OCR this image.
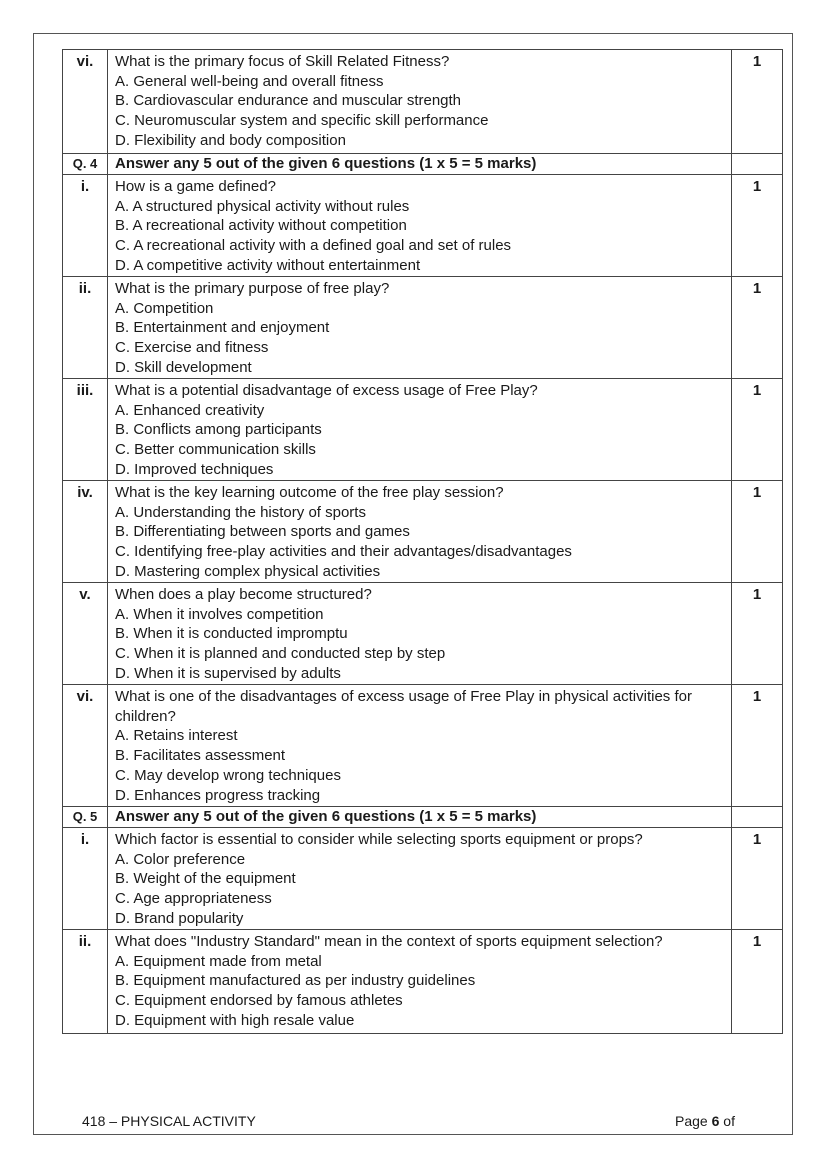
vi.	What is the primary focus of Skill Related Fitness?
A. General well-being and overall fitness
B. Cardiovascular endurance and muscular strength
C. Neuromuscular system and specific skill performance
D. Flexibility and body composition	1
Q. 4	Answer any 5 out of the given 6 questions (1 x 5 = 5 marks)	
i.	How is a game defined?
A. A structured physical activity without rules
B. A recreational activity without competition
C. A recreational activity with a defined goal and set of rules
D. A competitive activity without entertainment	1
ii.	What is the primary purpose of free play?
A. Competition
B. Entertainment and enjoyment
C. Exercise and fitness
D. Skill development	1
iii.	What is a potential disadvantage of excess usage of Free Play?
A. Enhanced creativity
B. Conflicts among participants
C. Better communication skills
D. Improved techniques	1
iv.	What is the key learning outcome of the free play session?
A. Understanding the history of sports
B. Differentiating between sports and games
C. Identifying free-play activities and their advantages/disadvantages
D. Mastering complex physical activities	1
v.	When does a play become structured?
A. When it involves competition
B. When it is conducted impromptu
C. When it is planned and conducted step by step
D. When it is supervised by adults	1
vi.	What is one of the disadvantages of excess usage of Free Play in physical activities for children?
A. Retains interest
B. Facilitates assessment
C. May develop wrong techniques
D. Enhances progress tracking	1
Q. 5	Answer any 5 out of the given 6 questions (1 x 5 = 5 marks)	
i.	Which factor is essential to consider while selecting sports equipment or props?
A. Color preference
B. Weight of the equipment
C. Age appropriateness
D. Brand popularity	1
ii.	What does "Industry Standard" mean in the context of sports equipment selection?
A. Equipment made from metal
B. Equipment manufactured as per industry guidelines
C. Equipment endorsed by famous athletes
D. Equipment with high resale value	1
418 – PHYSICAL ACTIVITY	Page 6 of
